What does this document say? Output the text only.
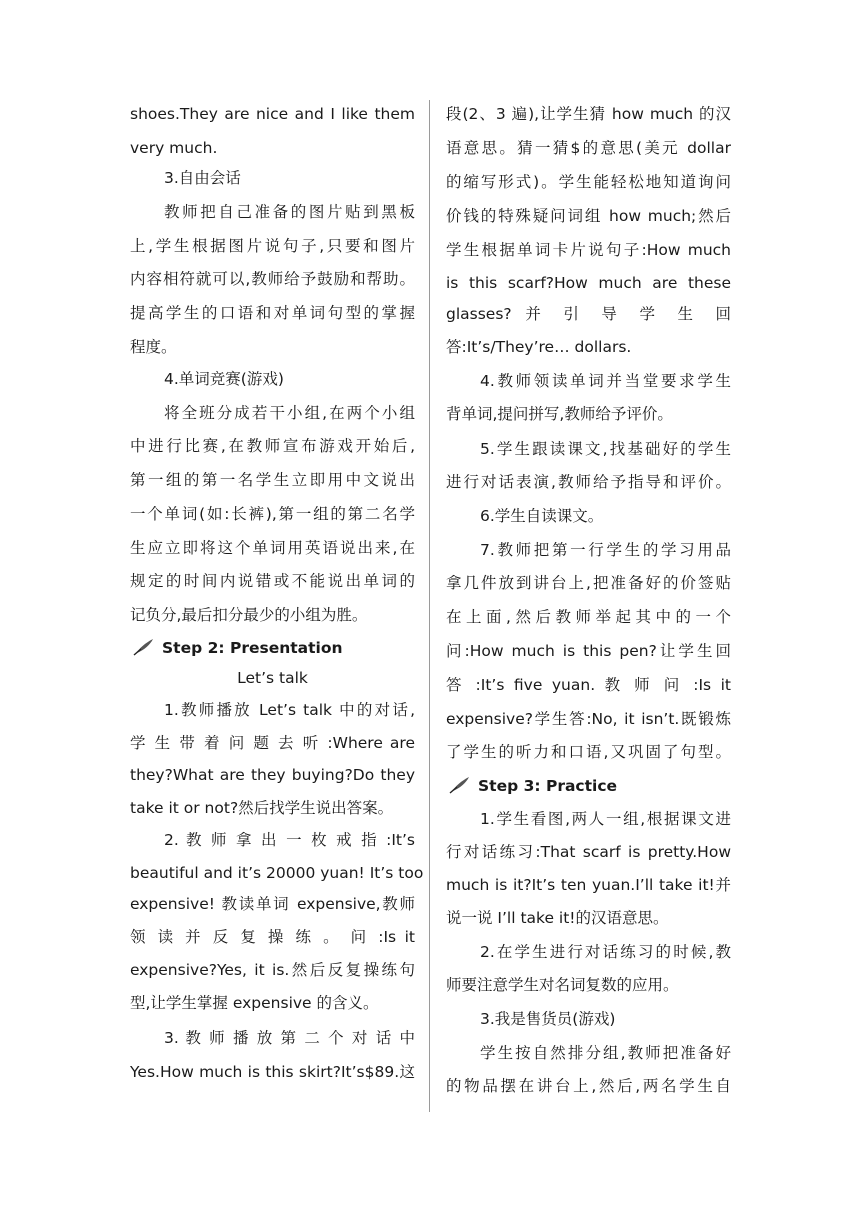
shoes.They are nice and I like them
very much.
3.自由会话
教师把自己准备的图片贴到黑板
上,学生根据图片说句子,只要和图片
内容相符就可以,教师给予鼓励和帮助。
提高学生的口语和对单词句型的掌握
程度。
4.单词竞赛(游戏)
将全班分成若干小组,在两个小组
中进行比赛,在教师宣布游戏开始后,
第一组的第一名学生立即用中文说出
一个单词(如:长裤),第一组的第二名学
生应立即将这个单词用英语说出来,在
规定的时间内说错或不能说出单词的
记负分,最后扣分最少的小组为胜。
Step 2: Presentation
Let’s talk
1.教师播放 Let’s talk 中的对话,
学 生 带 着 问 题 去 听 :Where are
they?What are they buying?Do they
take it or not?然后找学生说出答案。
2. 教 师 拿 出 一 枚 戒 指 :It’s
beautiful and it’s 20000 yuan! It’s too
expensive! 教读单词 expensive,教师
领 读 并 反 复 操 练 。 问 :Is it
expensive?Yes, it is.然后反复操练句
型,让学生掌握 expensive 的含义。
3. 教 师 播 放 第 二 个 对 话 中
Yes.How much is this skirt?It’s$89.这
段(2、3 遍),让学生猜 how much 的汉
语意思。猜一猜$的意思(美元 dollar
的缩写形式)。学生能轻松地知道询问
价钱的特殊疑问词组 how much;然后
学生根据单词卡片说句子:How much
is this scarf?How much are these
glasses? 并 引 导 学 生 回
答:It’s/They’re… dollars.
4.教师领读单词并当堂要求学生
背单词,提问拼写,教师给予评价。
5.学生跟读课文,找基础好的学生
进行对话表演,教师给予指导和评价。
6.学生自读课文。
7.教师把第一行学生的学习用品
拿几件放到讲台上,把准备好的价签贴
在上面,然后教师举起其中的一个
问:How much is this pen?让学生回
答 :It’s five yuan. 教 师 问 :Is it
expensive?学生答:No, it isn’t.既锻炼
了学生的听力和口语,又巩固了句型。
Step 3: Practice
1.学生看图,两人一组,根据课文进
行对话练习:That scarf is pretty.How
much is it?It’s ten yuan.I’ll take it!并
说一说 I’ll take it!的汉语意思。
2.在学生进行对话练习的时候,教
师要注意学生对名词复数的应用。
3.我是售货员(游戏)
学生按自然排分组,教师把准备好
的物品摆在讲台上,然后,两名学生自
